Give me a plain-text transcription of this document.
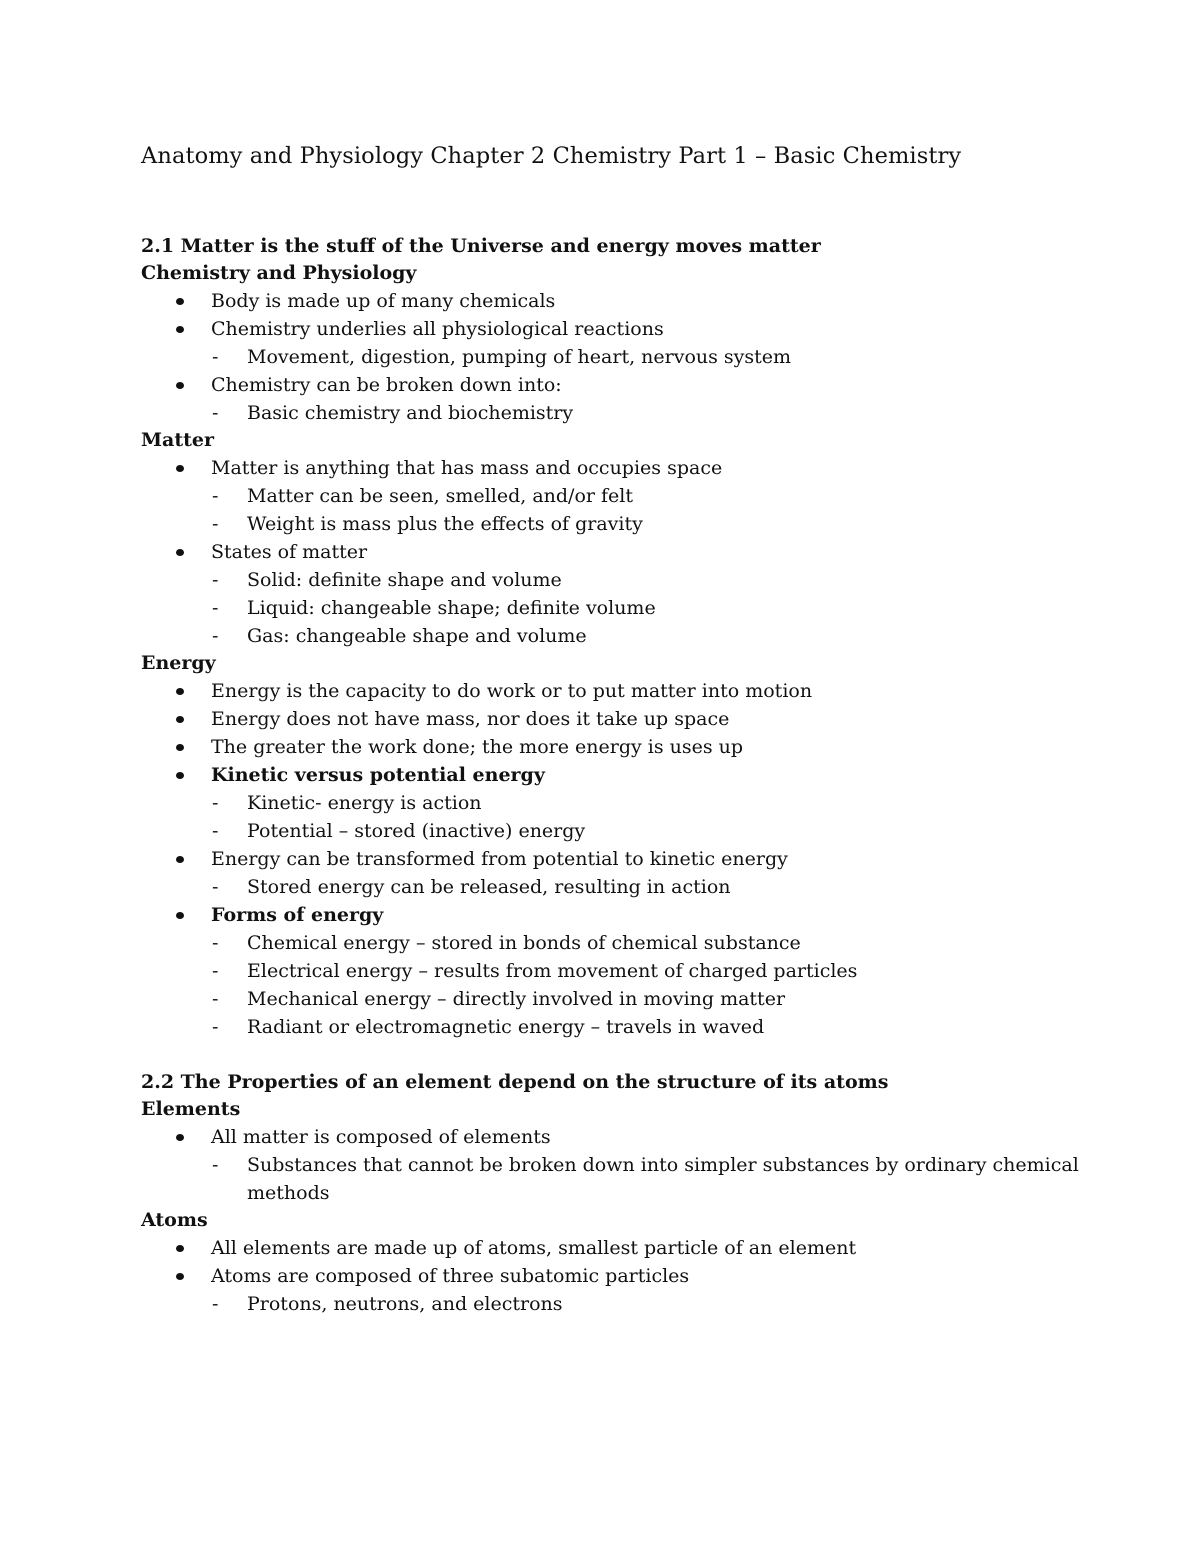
Anatomy and Physiology Chapter 2 Chemistry Part 1 – Basic Chemistry
2.1 Matter is the stuff of the Universe and energy moves matter
Chemistry and Physiology
Body is made up of many chemicals
Chemistry underlies all physiological reactions
- Movement, digestion, pumping of heart, nervous system
Chemistry can be broken down into:
- Basic chemistry and biochemistry
Matter
Matter is anything that has mass and occupies space
- Matter can be seen, smelled, and/or felt
- Weight is mass plus the effects of gravity
States of matter
- Solid: definite shape and volume
- Liquid: changeable shape; definite volume
- Gas: changeable shape and volume
Energy
Energy is the capacity to do work or to put matter into motion
Energy does not have mass, nor does it take up space
The greater the work done; the more energy is uses up
Kinetic versus potential energy
- Kinetic- energy is action
- Potential – stored (inactive) energy
Energy can be transformed from potential to kinetic energy
- Stored energy can be released, resulting in action
Forms of energy
- Chemical energy – stored in bonds of chemical substance
- Electrical energy – results from movement of charged particles
- Mechanical energy – directly involved in moving matter
- Radiant or electromagnetic energy – travels in waved
2.2 The Properties of an element depend on the structure of its atoms
Elements
All matter is composed of elements
- Substances that cannot be broken down into simpler substances by ordinary chemical methods
Atoms
All elements are made up of atoms, smallest particle of an element
Atoms are composed of three subatomic particles
- Protons, neutrons, and electrons
